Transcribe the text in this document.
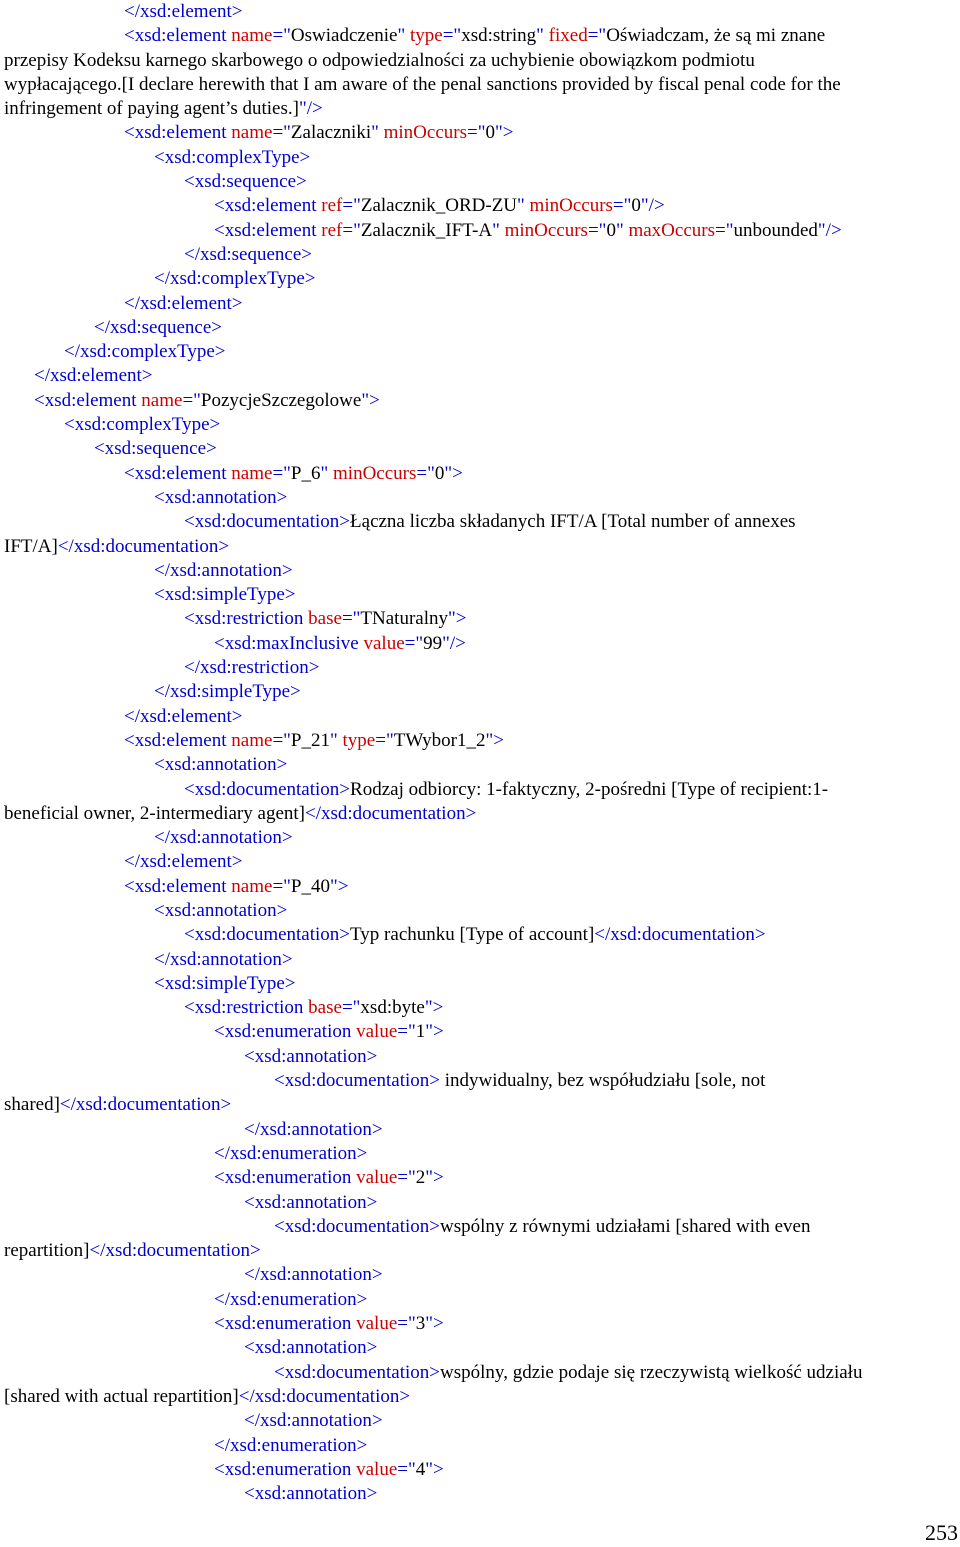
</xsd:element>
<xsd:element name="Oswiadczenie" type="xsd:string" fixed="Oświadczam, że są mi znane
przepisy Kodeksu karnego skarbowego o odpowiedzialności za uchybienie obowiązkom podmiotu
wypłacającego.[I declare herewith that I am aware of the penal sanctions provided by fiscal penal code for the
infringement of paying agent’s duties.]"/>
<xsd:element name="Zalaczniki" minOccurs="0">
<xsd:complexType>
<xsd:sequence>
<xsd:element ref="Zalacznik_ORD-ZU" minOccurs="0"/>
<xsd:element ref="Zalacznik_IFT-A" minOccurs="0" maxOccurs="unbounded"/>
</xsd:sequence>
</xsd:complexType>
</xsd:element>
</xsd:sequence>
</xsd:complexType>
</xsd:element>
<xsd:element name="PozycjeSzczegolowe">
<xsd:complexType>
<xsd:sequence>
<xsd:element name="P_6" minOccurs="0">
<xsd:annotation>
<xsd:documentation>Łączna liczba składanych IFT/A [Total number of annexes
IFT/A]</xsd:documentation>
</xsd:annotation>
<xsd:simpleType>
<xsd:restriction base="TNaturalny">
<xsd:maxInclusive value="99"/>
</xsd:restriction>
</xsd:simpleType>
</xsd:element>
<xsd:element name="P_21" type="TWybor1_2">
<xsd:annotation>
<xsd:documentation>Rodzaj odbiorcy: 1-faktyczny, 2-pośredni [Type of recipient:1-
beneficial owner, 2-intermediary agent]</xsd:documentation>
</xsd:annotation>
</xsd:element>
<xsd:element name="P_40">
<xsd:annotation>
<xsd:documentation>Typ rachunku [Type of account]</xsd:documentation>
</xsd:annotation>
<xsd:simpleType>
<xsd:restriction base="xsd:byte">
<xsd:enumeration value="1">
<xsd:annotation>
<xsd:documentation> indywidualny, bez współudziału [sole, not
shared]</xsd:documentation>
</xsd:annotation>
</xsd:enumeration>
<xsd:enumeration value="2">
<xsd:annotation>
<xsd:documentation>wspólny z równymi udziałami [shared with even
repartition]</xsd:documentation>
</xsd:annotation>
</xsd:enumeration>
<xsd:enumeration value="3">
<xsd:annotation>
<xsd:documentation>wspólny, gdzie podaje się rzeczywistą wielkość udziału
[shared with actual repartition]</xsd:documentation>
</xsd:annotation>
</xsd:enumeration>
<xsd:enumeration value="4">
<xsd:annotation>
253
